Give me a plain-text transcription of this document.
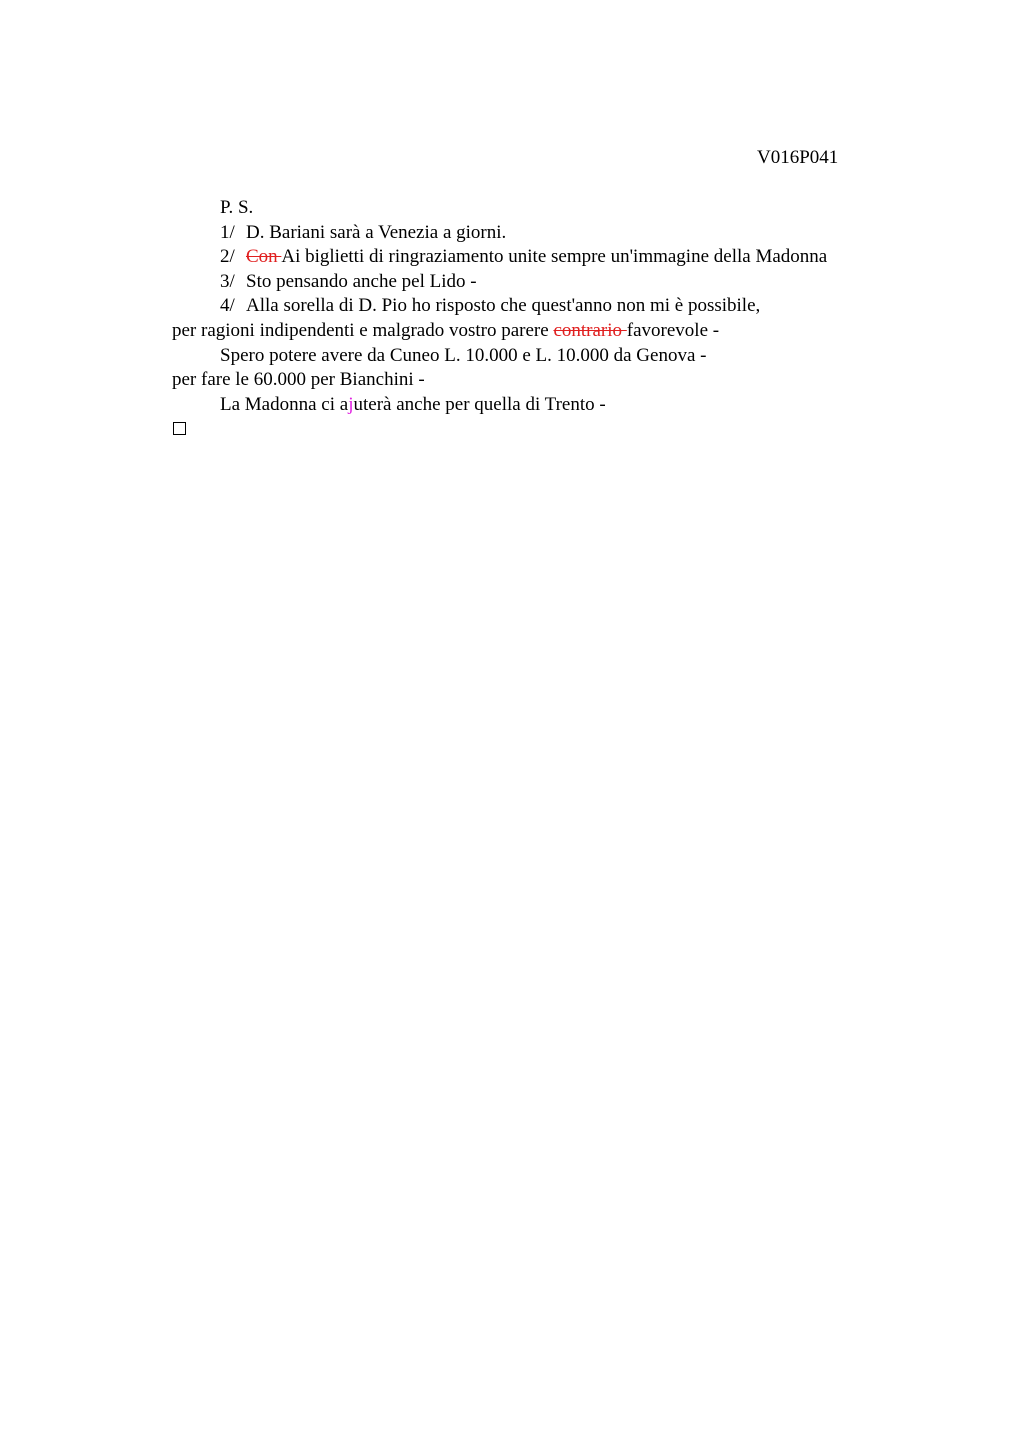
V016P041
P. S.
1/ D. Bariani sarà a Venezia a giorni.
2/ Con Ai biglietti di ringraziamento unite sempre un'immagine della Madonna
3/ Sto pensando anche pel Lido -
4/ Alla sorella di D. Pio ho risposto che quest'anno non mi è possibile,
per ragioni indipendenti e malgrado vostro parere contrario favorevole -
Spero potere avere da Cuneo L. 10.000 e L. 10.000 da Genova -
per fare le 60.000 per Bianchini -
La Madonna ci ajuterà anche per quella di Trento -
